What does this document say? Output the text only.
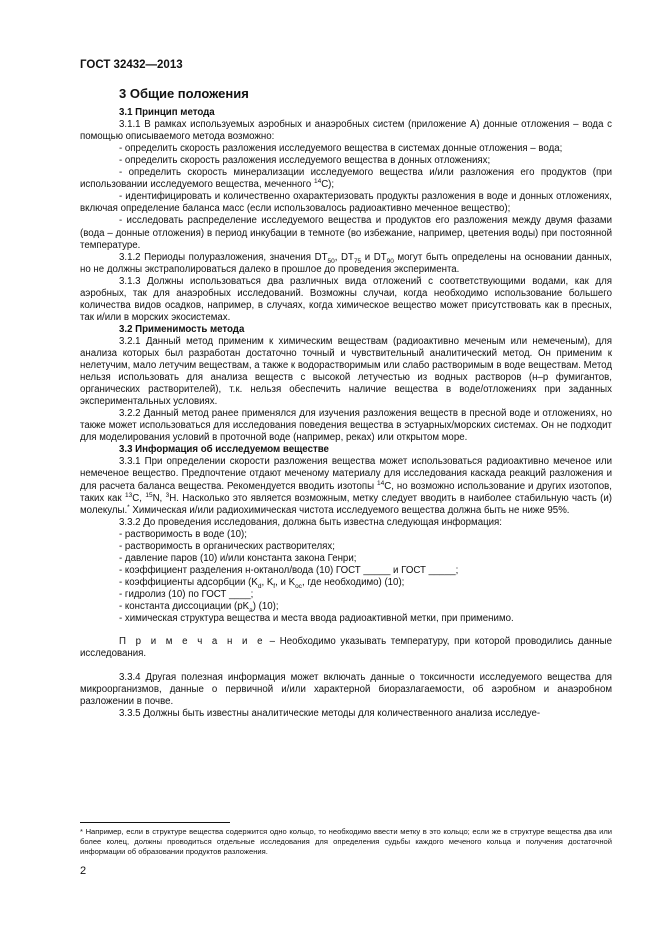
ГОСТ 32432—2013
3 Общие положения
3.1 Принцип метода

3.1.1 В рамках используемых аэробных и анаэробных систем (приложение А) донные отложения – вода с помощью описываемого метода возможно:

- определить скорость разложения исследуемого вещества в системах донные отложения – вода;

- определить скорость разложения исследуемого вещества в донных отложениях;

- определить скорость минерализации исследуемого вещества и/или разложения его продуктов (при использовании исследуемого вещества, меченного $^{14}$C);

- идентифицировать и количественно охарактеризовать продукты разложения в воде и донных отложениях, включая определение баланса масс (если использовалось радиоактивно меченное вещество);

- исследовать распределение исследуемого вещества и продуктов его разложения между двумя фазами (вода – донные отложения) в период инкубации в темноте (во избежание, например, цветения воды) при постоянной температуре.

3.1.2 Периоды полуразложения, значения $DT_{50}$, $DT_{75}$ и $DT_{90}$ могут быть определены на основании данных, но не должны экстраполироваться далеко в прошлое до проведения эксперимента.

3.1.3 Должны использоваться два различных вида отложений с соответствующими водами, как для аэробных, так для анаэробных исследований. Возможны случаи, когда необходимо использование большего количества видов осадков, например, в случаях, когда химическое вещество может присутствовать как в пресных, так и/или в морских экосистемах.

3.2 Применимость метода

3.2.1 Данный метод применим к химическим веществам (радиоактивно меченым или немеченым), для анализа которых был разработан достаточно точный и чувствительный аналитический метод. Он применим к нелетучим, мало летучим веществам, а также к водорастворимым или слабо растворимым в воде веществам. Метод нельзя использовать для анализа веществ с высокой летучестью из водных растворов (н–р фумигантов, органических растворителей), т.к. нельзя обеспечить наличие вещества в воде/отложениях при заданных экспериментальных условиях.

3.2.2 Данный метод ранее применялся для изучения разложения веществ в пресной воде и отложениях, но также может использоваться для исследования поведения вещества в эстуарных/морских системах. Он не подходит для моделирования условий в проточной воде (например, реках) или открытом море.

3.3 Информация об исследуемом веществе

3.3.1 При определении скорости разложения вещества может использоваться радиоактивно меченое или немеченое вещество. Предпочтение отдают меченому материалу для исследования каскада реакций разложения и для расчета баланса вещества. Рекомендуется вводить изотопы $^{14}$C, но возможно использование и других изотопов, таких как $^{13}$C, $^{15}$N, $^3$H. Насколько это является возможным, метку следует вводить в наиболее стабильную часть (и) молекулы.* Химическая и/или радиохимическая чистота исследуемого вещества должна быть не ниже 95%.

3.3.2 До проведения исследования, должна быть известна следующая информация:

- растворимость в воде (10);

- растворимость в органических растворителях;

- давление паров (10) и/или константа закона Генри;

- коэффициент разделения н-октанол/вода (10) ГОСТ _____ и ГОСТ _____;

- коэффициенты адсорбции ($K_d$, $K_f$, и $K_{oc}$, где необходимо) (10);

- гидролиз (10) по ГОСТ ____;

- константа диссоциации $(pK_a)$ (10);

- химическая структура вещества и места ввода радиоактивной метки, при применимо.

П р и м е ч а н и е – Необходимо указывать температуру, при которой проводились данные исследования.

3.3.4 Другая полезная информация может включать данные о токсичности исследуемого вещества для микроорганизмов, данные о первичной и/или характерной биоразлагаемости, об аэробном и анаэробном разложении в почве.

3.3.5 Должны быть известны аналитические методы для количественного анализа исследуе-

* Например, если в структуре вещества содержится одно кольцо, то необходимо ввести метку в это кольцо; если же в структуре вещества два или более колец, должны проводиться отдельные исследования для определения судьбы каждого меченого кольца и получения достаточной информации об образовании продуктов разложения.
2
